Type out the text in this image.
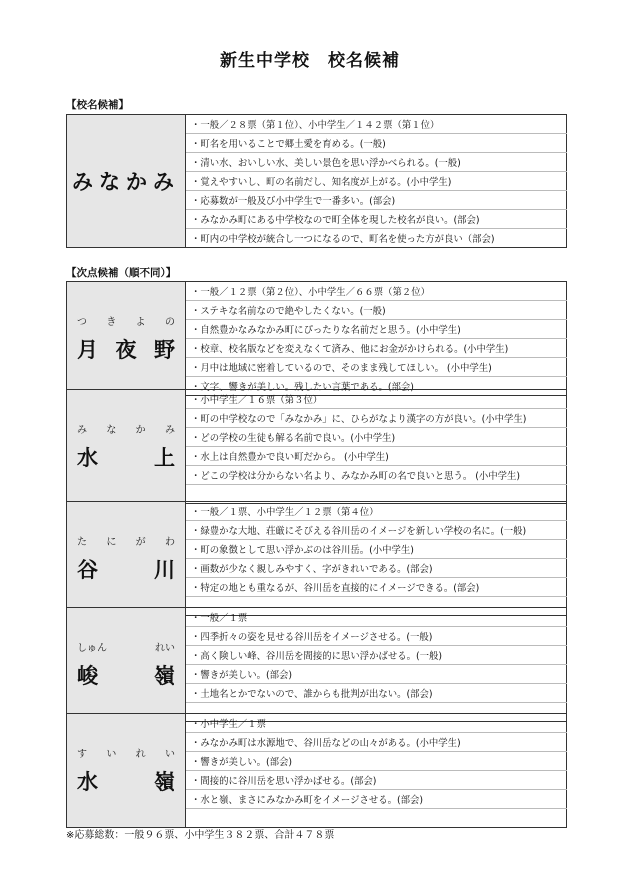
新生中学校　校名候補
【校名候補】
みなかみ
	・一般／２８票（第１位）、小中学生／１４２票（第１位）
・町名を用いることで郷土愛を育める。(一般)
・清い水、おいしい水、美しい景色を思い浮かべられる。(一般)
・覚えやすいし、町の名前だし、知名度が上がる。(小中学生)
・応募数が一般及び小中学生で一番多い。(部会)
・みなかみ町にある中学校なので町全体を現した校名が良い。(部会)
・町内の中学校が統合し一つになるので、町名を使った方が良い（部会)
【次点候補（順不同）】
つ き よ の
月 夜 野
	・一般／１２票（第２位）、小中学生／６６票（第２位）
・ステキな名前なので絶やしたくない。(一般)
・自然豊かなみなかみ町にぴったりな名前だと思う。(小中学生)
・校章、校名版などを変えなくて済み、他にお金がかけられる。(小中学生)
・月中は地域に密着しているので、そのまま残してほしい。 (小中学生)
・文字、響きが美しい。残したい言葉である。(部会)
み な か み
水	上
	・小中学生／１６票（第３位）
・町の中学校なので「みなかみ」に、ひらがなより漢字の方が良い。(小中学生)
・どの学校の生徒も解る名前で良い。(小中学生)
・水上は自然豊かで良い町だから。 (小中学生)
・どこの学校は分からない名より、みなかみ町の名で良いと思う。 (小中学生)

た に が わ
谷	川
	・一般／１票、小中学生／１２票（第４位）
・緑豊かな大地、荘厳にそびえる谷川岳のイメージを新しい学校の名に。(一般)
・町の象徴として思い浮かぶのは谷川岳。(小中学生)
・画数が少なく親しみやすく、字がきれいである。(部会)
・特定の地とも重なるが、谷川岳を直接的にイメージできる。(部会)

しゅん	れい
峻	嶺
	・一般／１票
・四季折々の姿を見せる谷川岳をイメージさせる。(一般)
・高く険しい峰、谷川岳を間接的に思い浮かばせる。(一般)
・響きが美しい。(部会)
・土地名とかでないので、誰からも批判が出ない。(部会)

す い れ い
水	嶺
	・小中学生／１票
・みなかみ町は水源地で、谷川岳などの山々がある。(小中学生)
・響きが美しい。(部会)
・間接的に谷川岳を思い浮かばせる。(部会)
・水と嶺、まさにみなかみ町をイメージさせる。(部会)

※応募総数：一般９６票、小中学生３８２票、合計４７８票
